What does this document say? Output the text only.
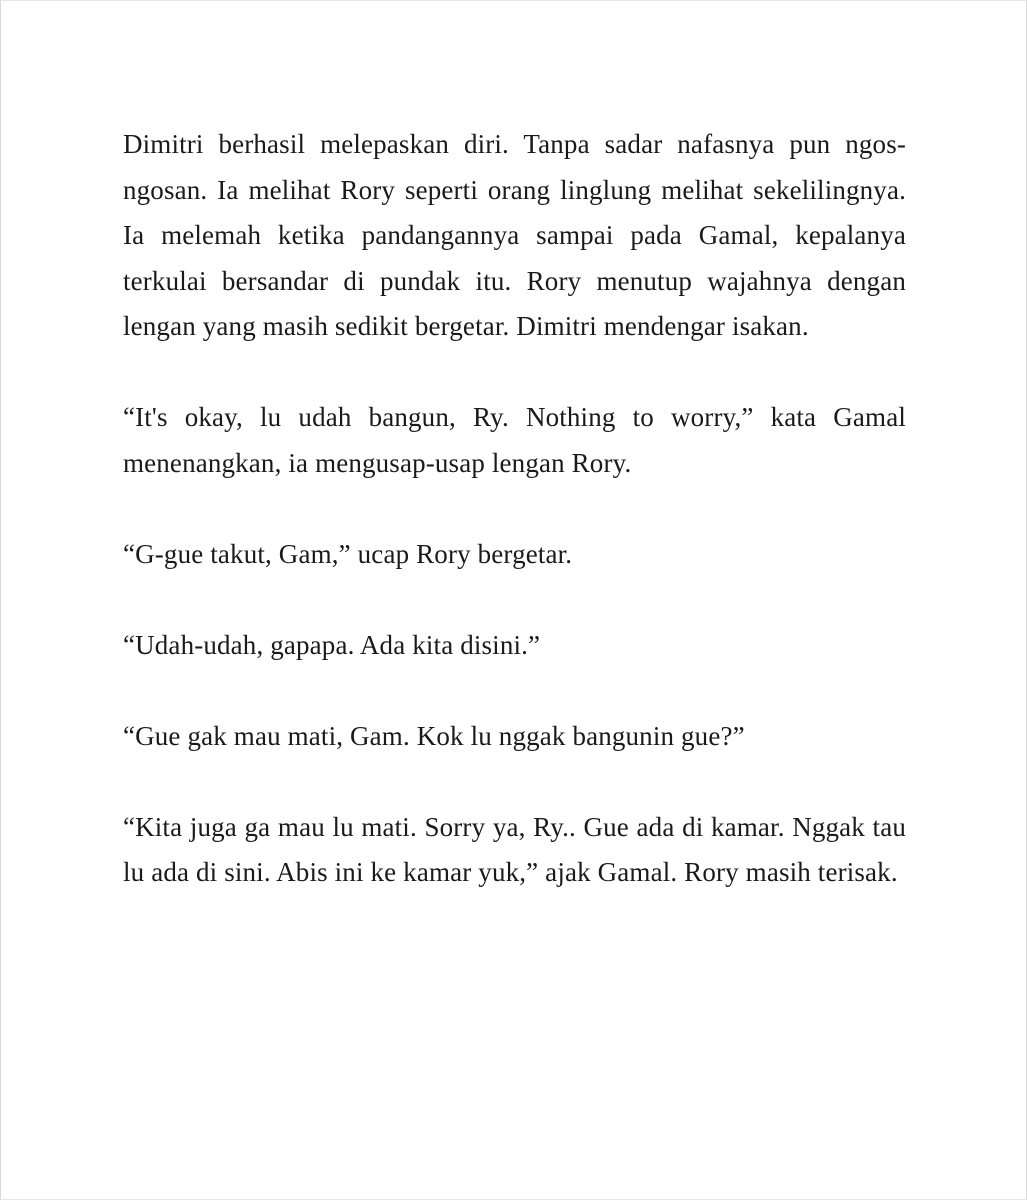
Dimitri berhasil melepaskan diri. Tanpa sadar nafasnya pun ngos-ngosan. Ia melihat Rory seperti orang linglung melihat sekelilingnya. Ia melemah ketika pandangannya sampai pada Gamal, kepalanya terkulai bersandar di pundak itu. Rory menutup wajahnya dengan lengan yang masih sedikit bergetar. Dimitri mendengar isakan.

“It's okay, lu udah bangun, Ry. Nothing to worry,” kata Gamal menenangkan, ia mengusap-usap lengan Rory.

“G-gue takut, Gam,” ucap Rory bergetar.

“Udah-udah, gapapa. Ada kita disini.”

“Gue gak mau mati, Gam. Kok lu nggak bangunin gue?”

“Kita juga ga mau lu mati. Sorry ya, Ry.. Gue ada di kamar. Nggak tau lu ada di sini. Abis ini ke kamar yuk,” ajak Gamal. Rory masih terisak.
